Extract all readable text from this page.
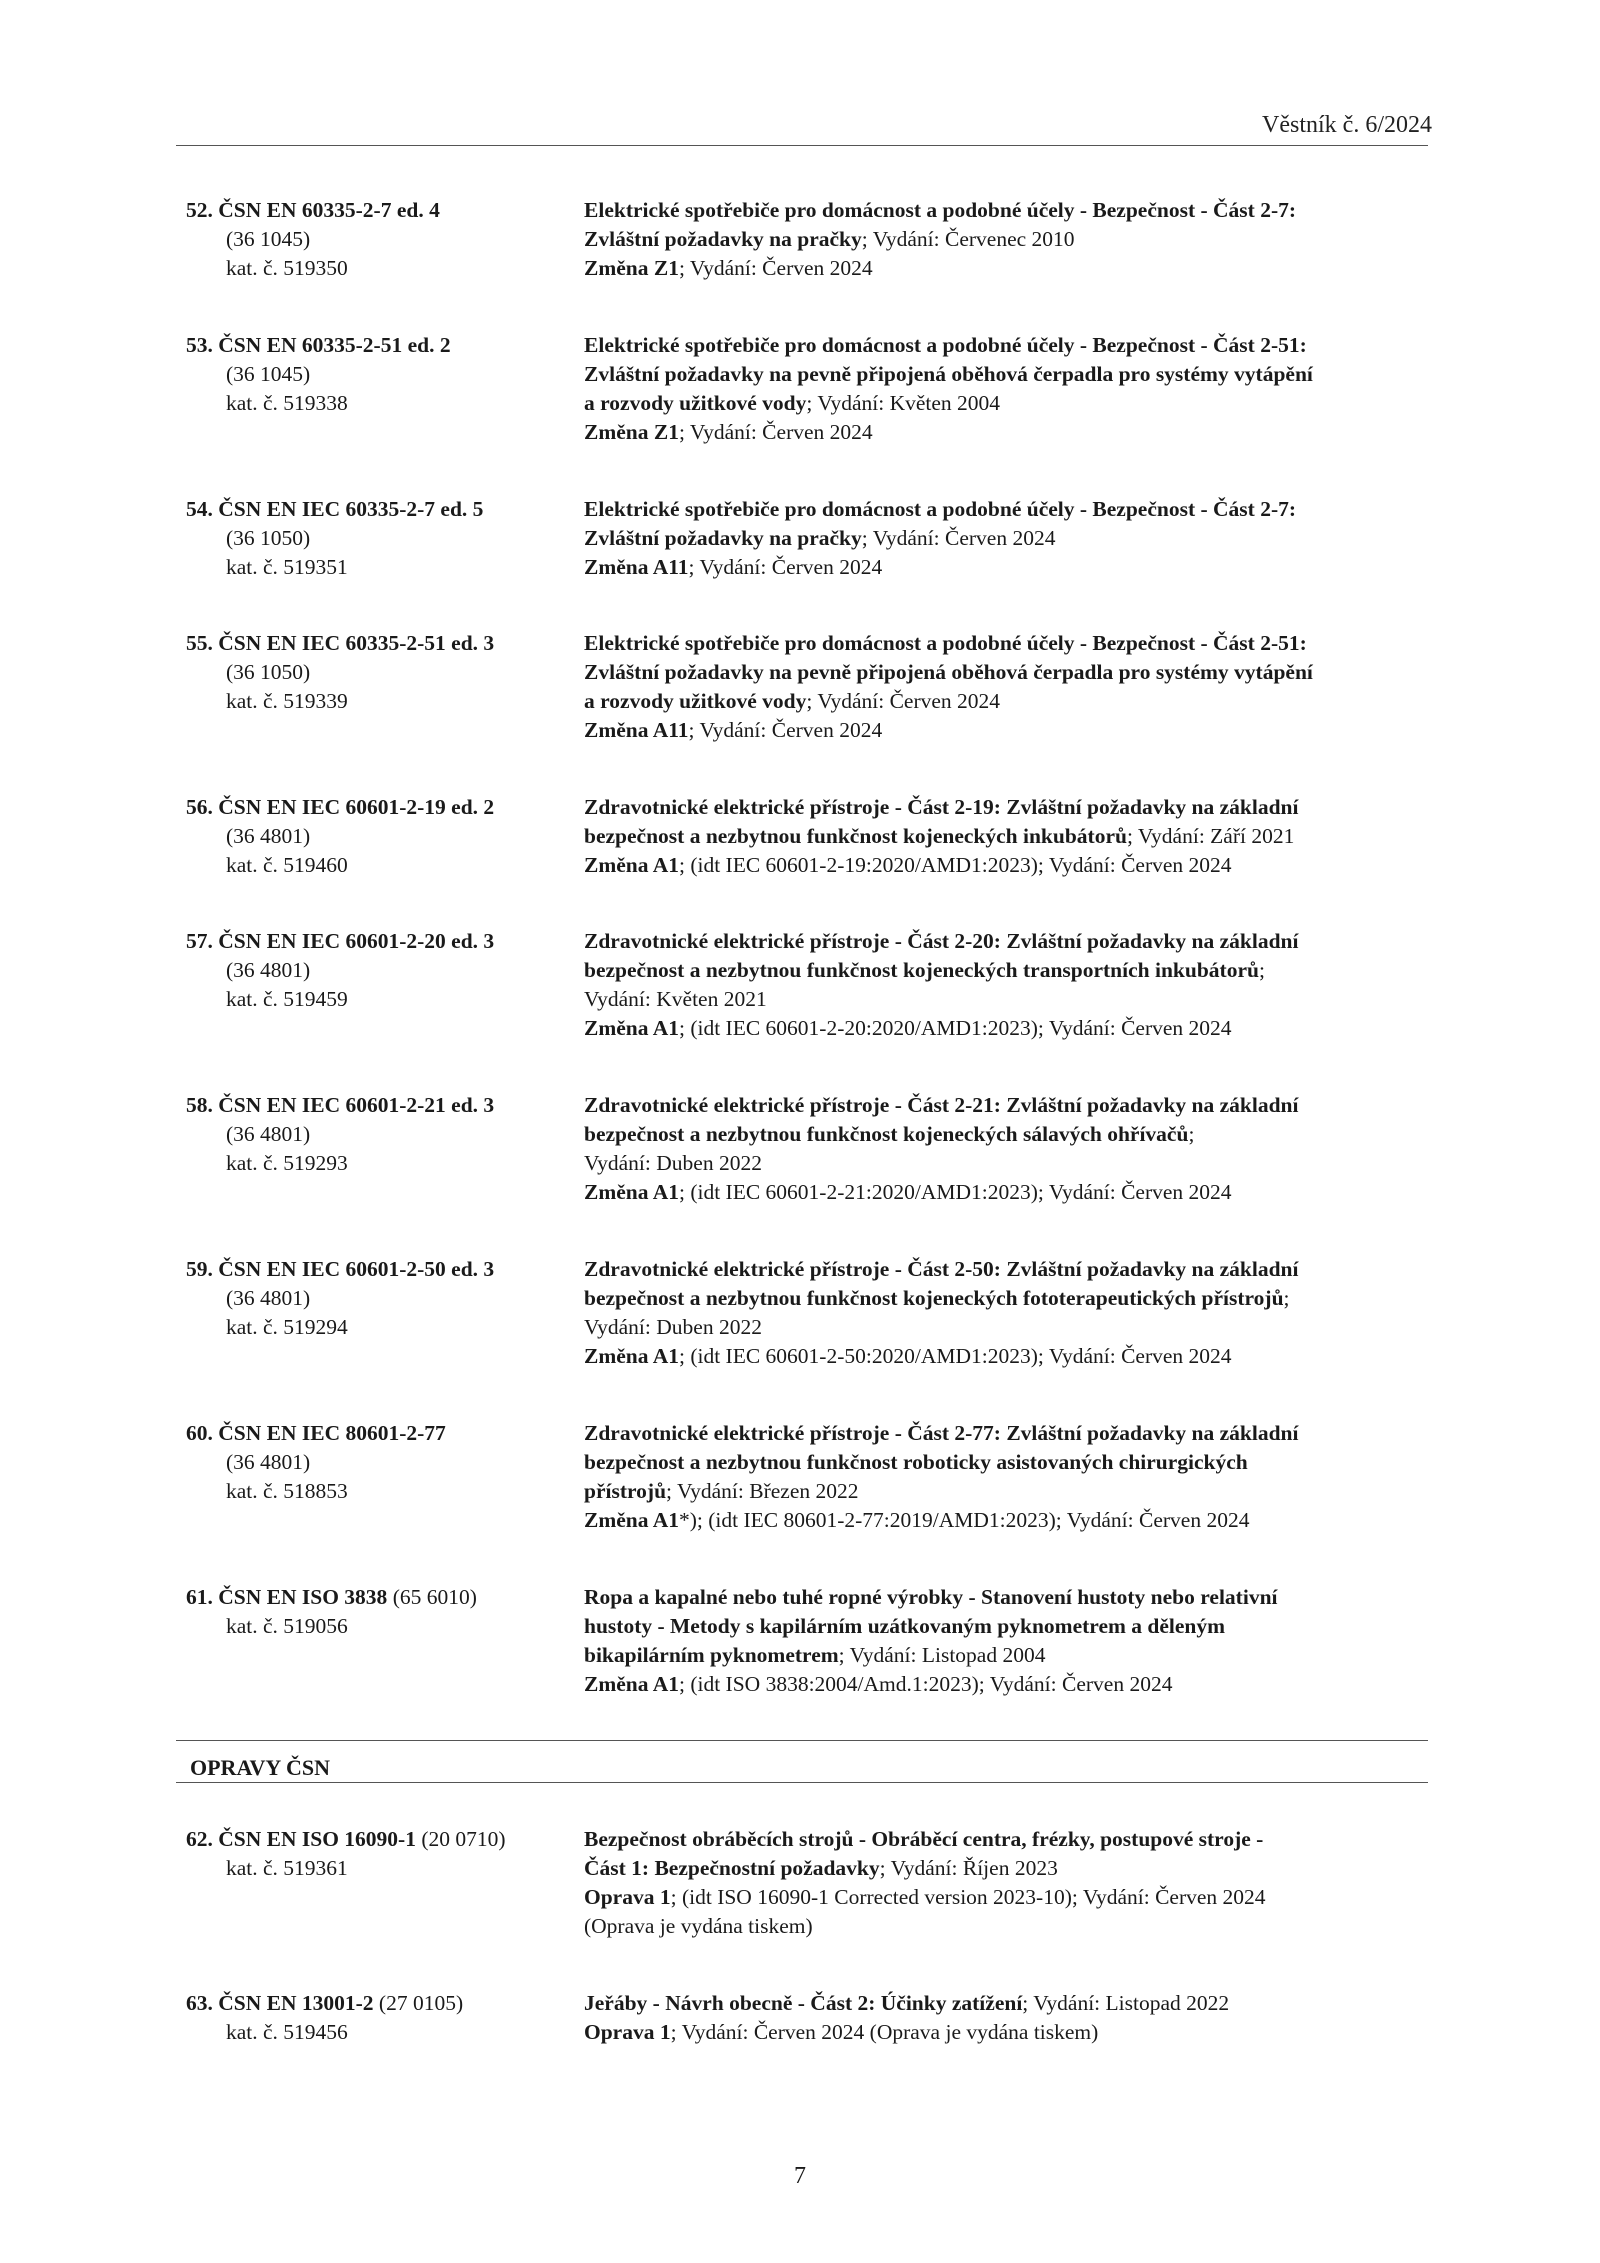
Věstník č. 6/2024
52. ČSN EN 60335-2-7 ed. 4
(36 1045)
kat. č. 519350
Elektrické spotřebiče pro domácnost a podobné účely - Bezpečnost - Část 2-7:
Zvláštní požadavky na pračky; Vydání: Červenec 2010
Změna Z1; Vydání: Červen 2024
53. ČSN EN 60335-2-51 ed. 2
(36 1045)
kat. č. 519338
Elektrické spotřebiče pro domácnost a podobné účely - Bezpečnost - Část 2-51:
Zvláštní požadavky na pevně připojená oběhová čerpadla pro systémy vytápění
a rozvody užitkové vody; Vydání: Květen 2004
Změna Z1; Vydání: Červen 2024
54. ČSN EN IEC 60335-2-7 ed. 5
(36 1050)
kat. č. 519351
Elektrické spotřebiče pro domácnost a podobné účely - Bezpečnost - Část 2-7:
Zvláštní požadavky na pračky; Vydání: Červen 2024
Změna A11; Vydání: Červen 2024
55. ČSN EN IEC 60335-2-51 ed. 3
(36 1050)
kat. č. 519339
Elektrické spotřebiče pro domácnost a podobné účely - Bezpečnost - Část 2-51:
Zvláštní požadavky na pevně připojená oběhová čerpadla pro systémy vytápění
a rozvody užitkové vody; Vydání: Červen 2024
Změna A11; Vydání: Červen 2024
56. ČSN EN IEC 60601-2-19 ed. 2
(36 4801)
kat. č. 519460
Zdravotnické elektrické přístroje - Část 2-19: Zvláštní požadavky na základní
bezpečnost a nezbytnou funkčnost kojeneckých inkubátorů; Vydání: Září 2021
Změna A1; (idt IEC 60601-2-19:2020/AMD1:2023); Vydání: Červen 2024
57. ČSN EN IEC 60601-2-20 ed. 3
(36 4801)
kat. č. 519459
Zdravotnické elektrické přístroje - Část 2-20: Zvláštní požadavky na základní
bezpečnost a nezbytnou funkčnost kojeneckých transportních inkubátorů;
Vydání: Květen 2021
Změna A1; (idt IEC 60601-2-20:2020/AMD1:2023); Vydání: Červen 2024
58. ČSN EN IEC 60601-2-21 ed. 3
(36 4801)
kat. č. 519293
Zdravotnické elektrické přístroje - Část 2-21: Zvláštní požadavky na základní
bezpečnost a nezbytnou funkčnost kojeneckých sálavých ohřívačů;
Vydání: Duben 2022
Změna A1; (idt IEC 60601-2-21:2020/AMD1:2023); Vydání: Červen 2024
59. ČSN EN IEC 60601-2-50 ed. 3
(36 4801)
kat. č. 519294
Zdravotnické elektrické přístroje - Část 2-50: Zvláštní požadavky na základní
bezpečnost a nezbytnou funkčnost kojeneckých fototerapeutických přístrojů;
Vydání: Duben 2022
Změna A1; (idt IEC 60601-2-50:2020/AMD1:2023); Vydání: Červen 2024
60. ČSN EN IEC 80601-2-77
(36 4801)
kat. č. 518853
Zdravotnické elektrické přístroje - Část 2-77: Zvláštní požadavky na základní
bezpečnost a nezbytnou funkčnost roboticky asistovaných chirurgických
přístrojů; Vydání: Březen 2022
Změna A1*); (idt IEC 80601-2-77:2019/AMD1:2023); Vydání: Červen 2024
61. ČSN EN ISO 3838 (65 6010)
kat. č. 519056
Ropa a kapalné nebo tuhé ropné výrobky - Stanovení hustoty nebo relativní
hustoty - Metody s kapilárním uzátkovaným pyknometrem a děleným
bikapilárním pyknometrem; Vydání: Listopad 2004
Změna A1; (idt ISO 3838:2004/Amd.1:2023); Vydání: Červen 2024
OPRAVY ČSN
62. ČSN EN ISO 16090-1 (20 0710)
kat. č. 519361
Bezpečnost obráběcích strojů - Obráběcí centra, frézky, postupové stroje -
Část 1: Bezpečnostní požadavky; Vydání: Říjen 2023
Oprava 1; (idt ISO 16090-1 Corrected version 2023-10); Vydání: Červen 2024
(Oprava je vydána tiskem)
63. ČSN EN 13001-2 (27 0105)
kat. č. 519456
Jeřáby - Návrh obecně - Část 2: Účinky zatížení; Vydání: Listopad 2022
Oprava 1; Vydání: Červen 2024 (Oprava je vydána tiskem)
7
